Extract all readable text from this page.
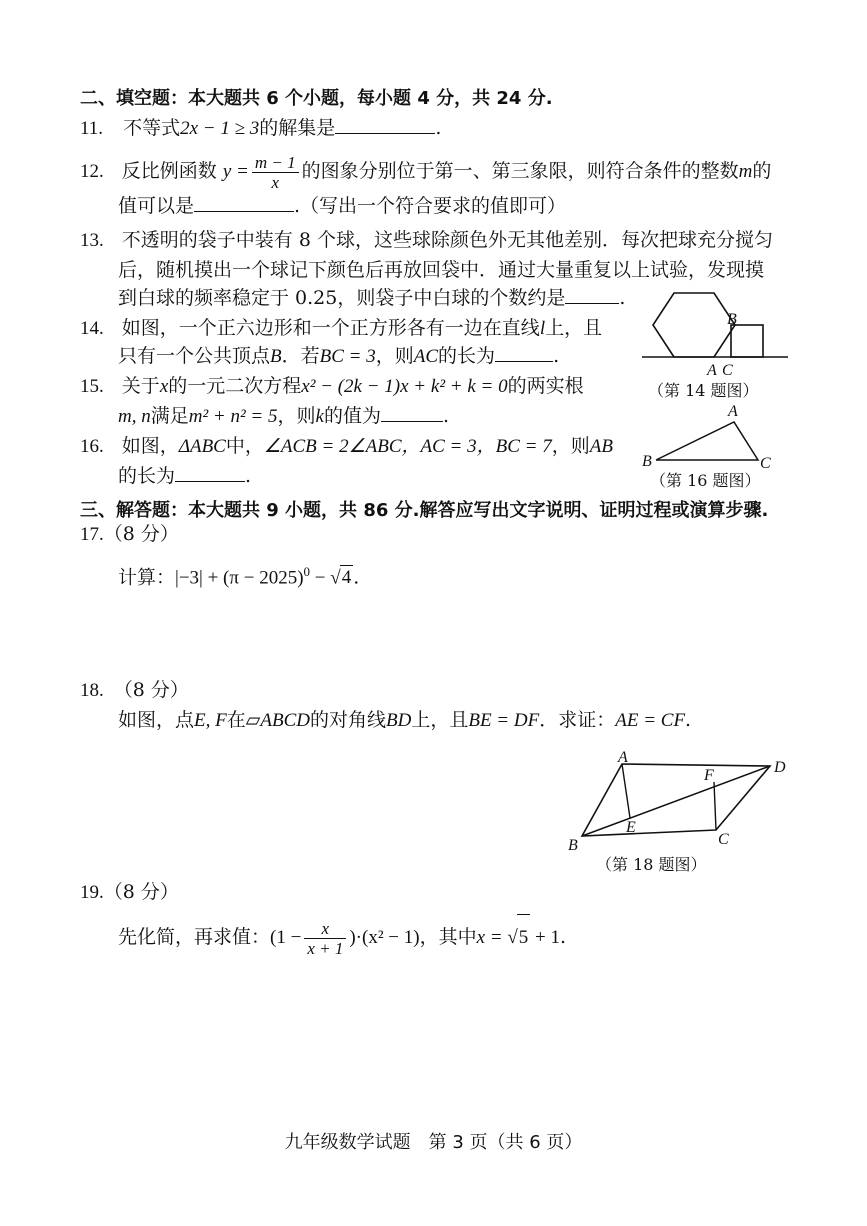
二、填空题：本大题共 6 个小题，每小题 4 分，共 24 分.
11. 不等式2x − 1 ≥ 3的解集是	.
12. 反比例函数 $y = \frac{m - 1}{x}$ 的图象分别位于第一、第三象限，则符合条件的整数m的
值可以是	.（写出一个符合要求的值即可）
13. 不透明的袋子中装有 8 个球，这些球除颜色外无其他差别．每次把球充分搅匀
后，随机摸出一个球记下颜色后再放回袋中．通过大量重复以上试验，发现摸
到白球的频率稳定于 0.25，则袋子中白球的个数约是	.
14. 如图，一个正六边形和一个正方形各有一边在直线l上，且
只有一个公共顶点B．若BC = 3，则AC的长为	.
B
A C
（第 14 题图）
15. 关于x的一元二次方程x² − (2k − 1)x + k² + k = 0的两实根
m, n满足m² + n² = 5，则k的值为	.
16. 如图，ΔABC中，∠ACB = 2∠ABC，AC = 3，BC = 7，则AB
的长为	.
A
B	C
（第 16 题图）
三、解答题：本大题共 9 小题，共 86 分.解答应写出文字说明、证明过程或演算步骤.
17.（8 分）
计算：$|-3| + (\pi - 2025)^0 - √4$ .
18. （8 分）
如图，点E, F在▱ABCD的对角线BD上，且BE = DF．求证：AE = CF.
A
B	C
D
E
F
（第 18 题图）
19.（8 分）
先化简，再求值：$(1 - \frac{x}{x + 1} )\cdot(x^2 - 1)$，其中x = √5 + 1.
九年级数学试题　第 3 页（共 6 页）
